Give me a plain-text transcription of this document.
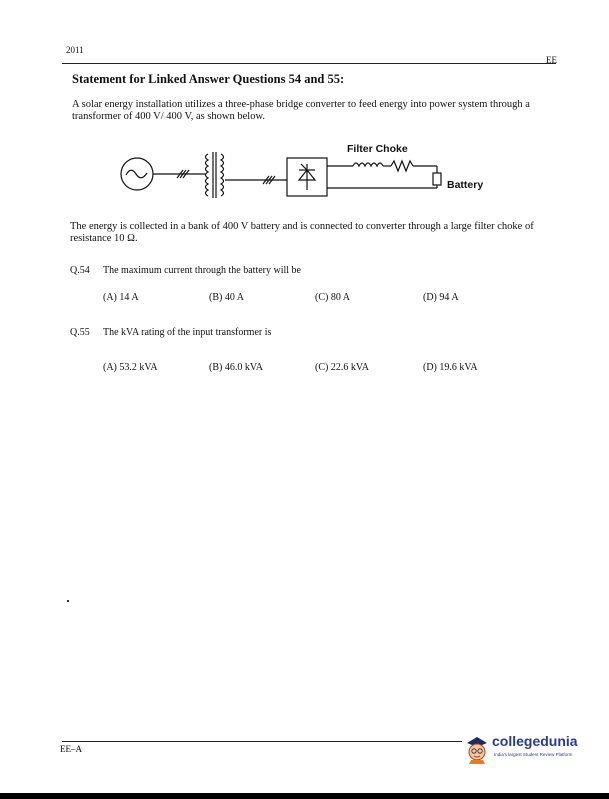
2011
EE
Statement for Linked Answer Questions 54 and 55:
A solar energy installation utilizes a three-phase bridge converter to feed energy into power system through a transformer of 400 V/ 400 V, as shown below.
Filter Choke
Battery
The energy is collected in a bank of 400 V battery and is connected to converter through a large filter choke of resistance 10 Ω.
Q.54 The maximum current through the battery will be
(A) 14 A	(B) 40 A	(C) 80 A	(D) 94 A
Q.55 The kVA rating of the input transformer is
(A) 53.2 kVA	(B) 46.0 kVA	(C) 22.6 kVA	(D) 19.6 kVA
EE–A	collegedunia
India's largest Student Review Platform
